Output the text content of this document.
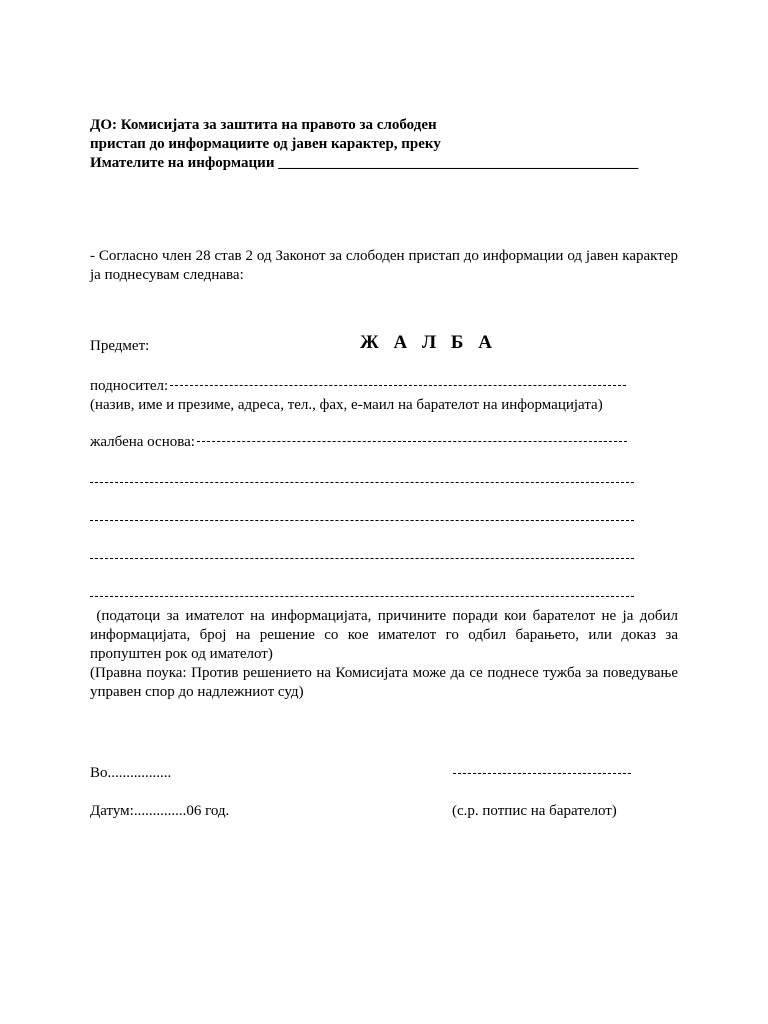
ДО: Комисијата за заштита на правото за слободен
пристап до информациите од јавен карактер, преку
Имателите на информации ________________________________________________
- Согласно член 28 став 2 од Законот за слободен пристап до информации од јавен карактер ја поднесувам следнава:
Предмет:	Ж А Л Б А
подносител:
(назив, име и презиме, адреса, тел., фах, е-маил на барателот на информацијата)
жалбена основа:
(податоци за имателот на информацијата, причините поради кои барателот не ја добил информацијата, број на решение со кое имателот го одбил барањето, или доказ за пропуштен рок од имателот)
(Правна поука: Против решението на Комисијата може да се поднесе тужба за поведување управен спор до надлежниот суд)
Во.................
Датум:..............06 год.	(с.р. потпис на барателот)
